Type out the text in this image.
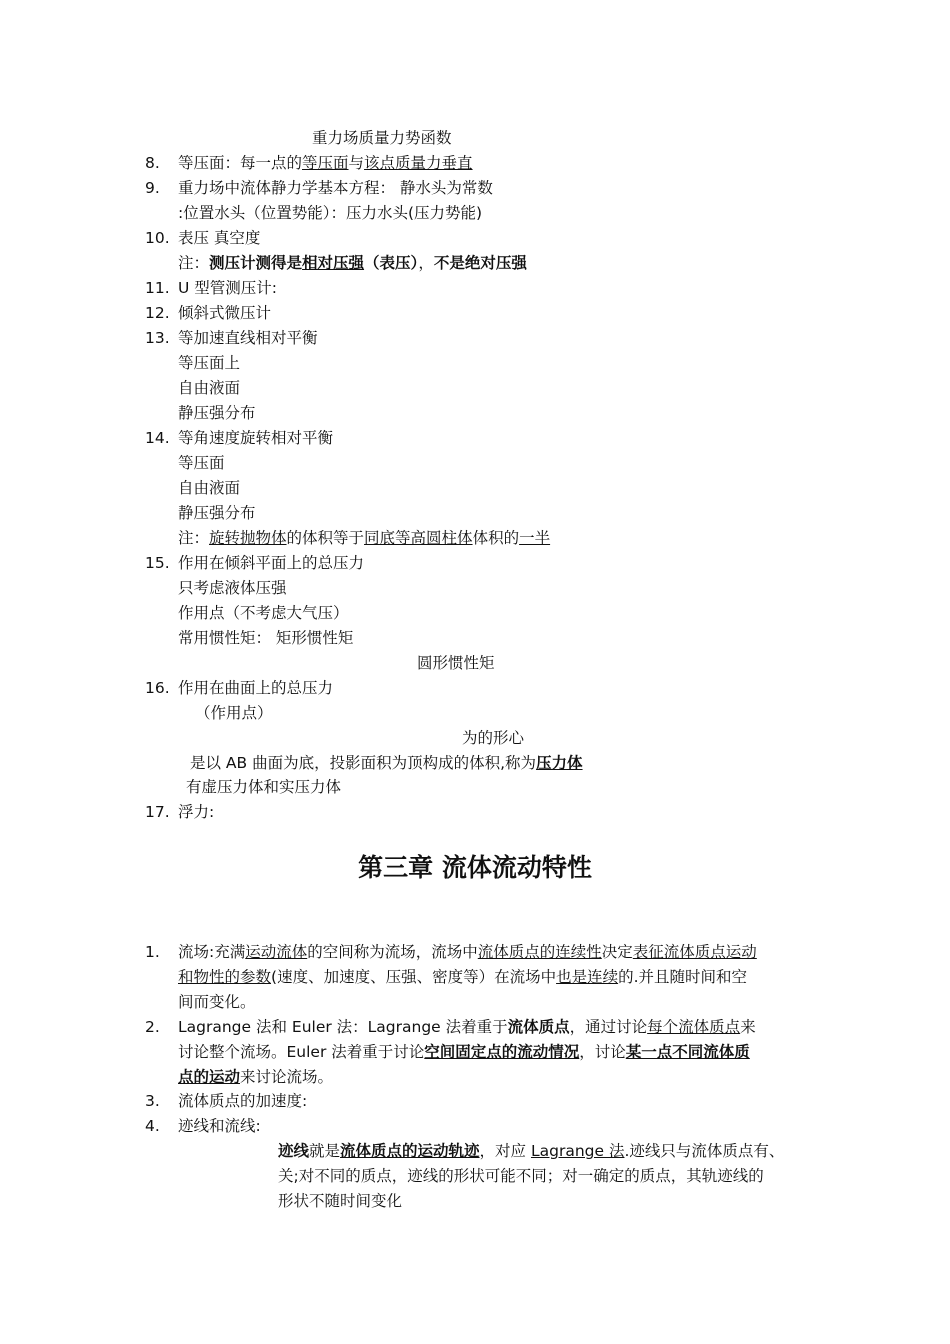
重力场质量力势函数
8.	等压面：每一点的等压面与该点质量力垂直
9.	重力场中流体静力学基本方程： 静水头为常数
:位置水头（位置势能）：压力水头(压力势能)
10. 表压 真空度
注：测压计测得是相对压强（表压），不是绝对压强
11. U 型管测压计:
12. 倾斜式微压计
13. 等加速直线相对平衡
等压面上
自由液面
静压强分布
14. 等角速度旋转相对平衡
等压面
自由液面
静压强分布
注：旋转抛物体的体积等于同底等高圆柱体体积的一半
15. 作用在倾斜平面上的总压力
只考虑液体压强
作用点（不考虑大气压）
常用惯性矩： 矩形惯性矩
圆形惯性矩
16. 作用在曲面上的总压力
（作用点）
为的形心
是以 AB 曲面为底，投影面积为顶构成的体积,称为压力体
有虚压力体和实压力体
17. 浮力:
第三章 流体流动特性
1.	流场:充满运动流体的空间称为流场，流场中流体质点的连续性决定表征流体质点运动
和物性的参数(速度、加速度、压强、密度等）在流场中也是连续的.并且随时间和空
间而变化。
2.	Lagrange 法和 Euler 法：Lagrange 法着重于流体质点，通过讨论每个流体质点来
讨论整个流场。Euler 法着重于讨论空间固定点的流动情况，讨论某一点不同流体质
点的运动来讨论流场。
3.	流体质点的加速度:
4.	迹线和流线:
迹线就是流体质点的运动轨迹，对应 Lagrange 法.迹线只与流体质点有、
关;对不同的质点，迹线的形状可能不同；对一确定的质点，其轨迹线的
形状不随时间变化
